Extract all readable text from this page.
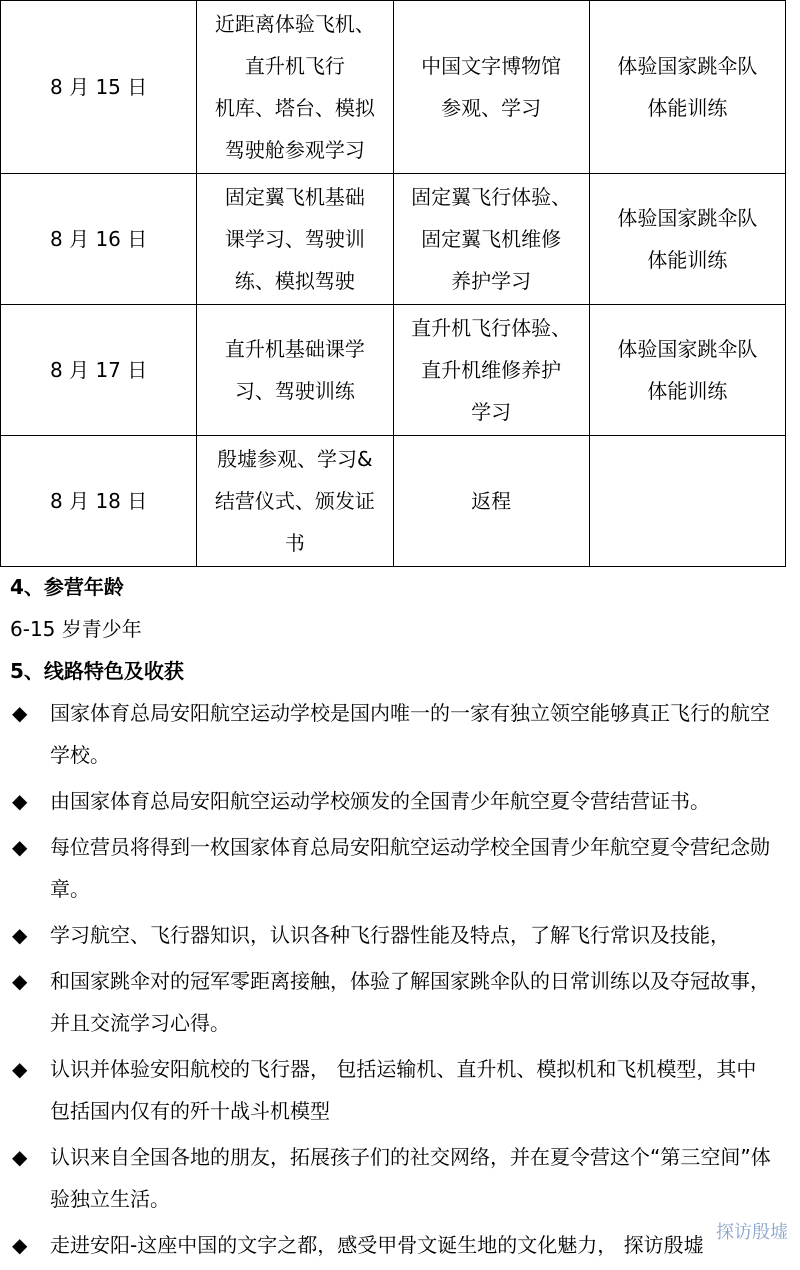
8 月 15 日	近距离体验飞机、
直升机飞行
机库、塔台、模拟
驾驶舱参观学习	中国文字博物馆
参观、学习	体验国家跳伞队
体能训练
8 月 16 日	固定翼飞机基础
课学习、驾驶训
练、模拟驾驶	固定翼飞行体验、
固定翼飞机维修
养护学习	体验国家跳伞队
体能训练
8 月 17 日	直升机基础课学
习、驾驶训练	直升机飞行体验、
直升机维修养护
学习	体验国家跳伞队
体能训练
8 月 18 日	殷墟参观、学习&
结营仪式、颁发证
书	返程	
4、参营年龄
6-15 岁青少年
5、线路特色及收获
◆ 国家体育总局安阳航空运动学校是国内唯一的一家有独立领空能够真正飞行的航空学校。
◆ 由国家体育总局安阳航空运动学校颁发的全国青少年航空夏令营结营证书。
◆ 每位营员将得到一枚国家体育总局安阳航空运动学校全国青少年航空夏令营纪念勋章。
◆ 学习航空、飞行器知识，认识各种飞行器性能及特点，了解飞行常识及技能，
◆ 和国家跳伞对的冠军零距离接触，体验了解国家跳伞队的日常训练以及夺冠故事，并且交流学习心得。
◆ 认识并体验安阳航校的飞行器， 包括运输机、直升机、模拟机和飞机模型，其中包括国内仅有的歼十战斗机模型
◆ 认识来自全国各地的朋友，拓展孩子们的社交网络，并在夏令营这个“第三空间”体验独立生活。
◆ 走进安阳-这座中国的文字之都，感受甲骨文诞生地的文化魅力， 探访殷墟
探访殷墟
